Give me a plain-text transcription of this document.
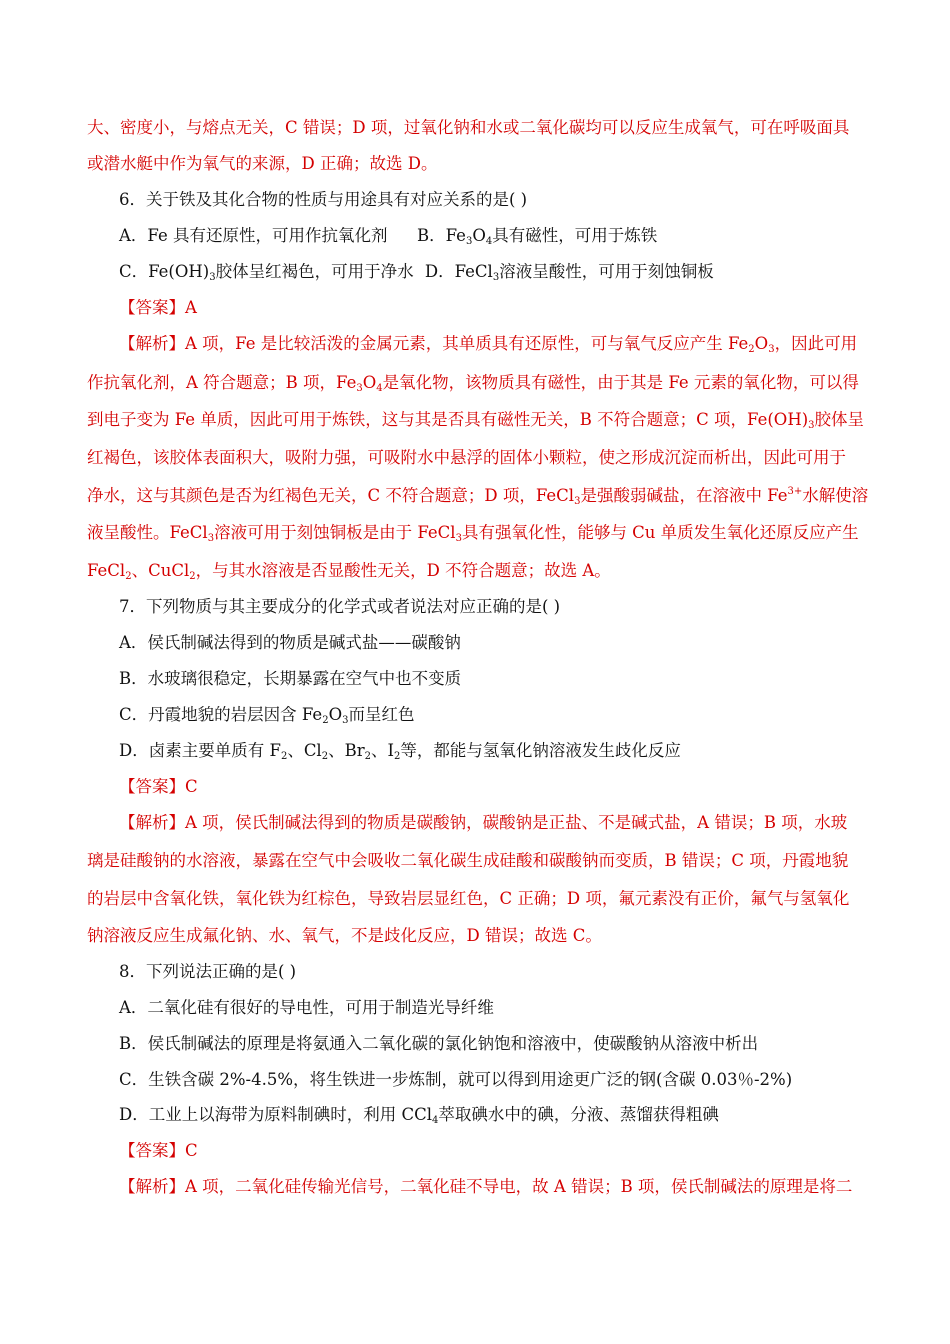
大、密度小，与熔点无关，C 错误；D 项，过氧化钠和水或二氧化碳均可以反应生成氧气，可在呼吸面具
或潜水艇中作为氧气的来源，D 正确；故选 D。
6．关于铁及其化合物的性质与用途具有对应关系的是( )
A．Fe 具有还原性，可用作抗氧化剂 B．$Fe_3O_4$具有磁性，可用于炼铁
C．$Fe(OH)_3$胶体呈红褐色，可用于净水 D．FeCl$_3$溶液呈酸性，可用于刻蚀铜板
【答案】A
【解析】A 项，Fe 是比较活泼的金属元素，其单质具有还原性，可与氧气反应产生 $Fe_2O_3$，因此可用
作抗氧化剂，A 符合题意；B 项，$Fe_3O_4$是氧化物，该物质具有磁性，由于其是 Fe 元素的氧化物，可以得
到电子变为 Fe 单质，因此可用于炼铁，这与其是否具有磁性无关，B 不符合题意；C 项，$Fe(OH)_3$胶体呈
红褐色，该胶体表面积大，吸附力强，可吸附水中悬浮的固体小颗粒，使之形成沉淀而析出，因此可用于
净水，这与其颜色是否为红褐色无关，C 不符合题意；D 项，FeCl$_3$是强酸弱碱盐，在溶液中 $Fe^{3+}$水解使溶
液呈酸性。FeCl$_3$溶液可用于刻蚀铜板是由于 FeCl$_3$具有强氧化性，能够与 Cu 单质发生氧化还原反应产生
FeCl$_2$、CuCl$_2$，与其水溶液是否显酸性无关，D 不符合题意；故选 A。
7．下列物质与其主要成分的化学式或者说法对应正确的是( )
A．侯氏制碱法得到的物质是碱式盐——碳酸钠
B．水玻璃很稳定，长期暴露在空气中也不变质
C．丹霞地貌的岩层因含 $Fe_2O_3$而呈红色
D．卤素主要单质有 $F_2$、$Cl_2$、$Br_2$、$I_2$等，都能与氢氧化钠溶液发生歧化反应
【答案】C
【解析】A 项，侯氏制碱法得到的物质是碳酸钠，碳酸钠是正盐、不是碱式盐，A 错误；B 项，水玻
璃是硅酸钠的水溶液，暴露在空气中会吸收二氧化碳生成硅酸和碳酸钠而变质，B 错误；C 项，丹霞地貌
的岩层中含氧化铁，氧化铁为红棕色，导致岩层显红色，C 正确；D 项，氟元素没有正价，氟气与氢氧化
钠溶液反应生成氟化钠、水、氧气，不是歧化反应，D 错误；故选 C。
8．下列说法正确的是( )
A．二氧化硅有很好的导电性，可用于制造光导纤维
B．侯氏制碱法的原理是将氨通入二氧化碳的氯化钠饱和溶液中，使碳酸钠从溶液中析出
C．生铁含碳 2%-4.5%，将生铁进一步炼制，就可以得到用途更广泛的钢(含碳 0.03％-2%)
D．工业上以海带为原料制碘时，利用 CCl$_4$萃取碘水中的碘，分液、蒸馏获得粗碘
【答案】C
【解析】A 项，二氧化硅传输光信号，二氧化硅不导电，故 A 错误；B 项，侯氏制碱法的原理是将二
